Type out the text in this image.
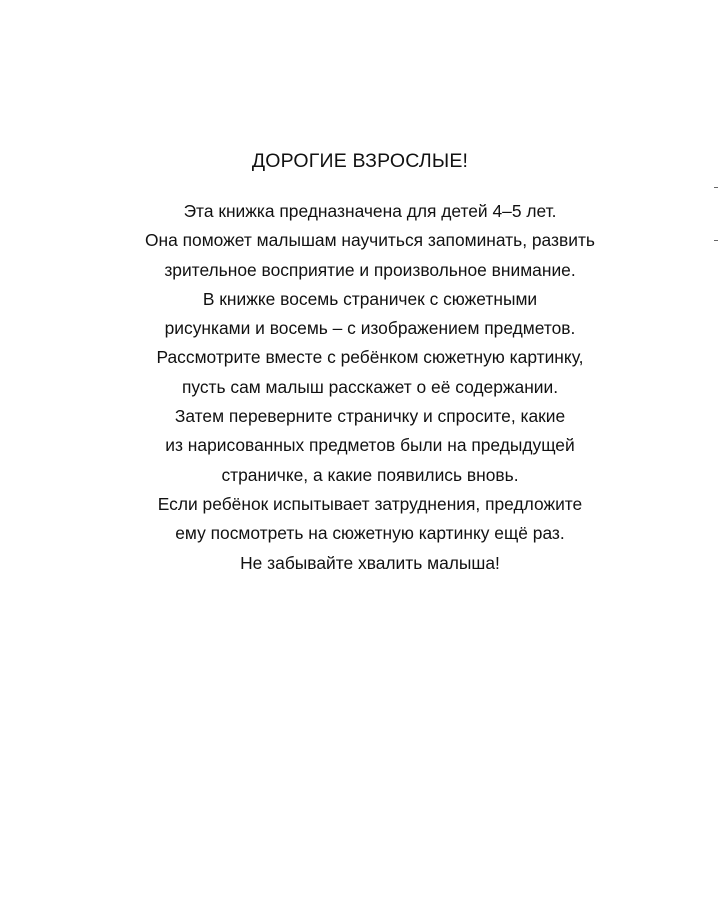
ДОРОГИЕ ВЗРОСЛЫЕ!
Эта книжка предназначена для детей 4–5 лет.
Она поможет малышам научиться запоминать, развить
зрительное восприятие и произвольное внимание.
В книжке восемь страничек с сюжетными
рисунками и восемь – с изображением предметов.
Рассмотрите вместе с ребёнком сюжетную картинку,
пусть сам малыш расскажет о её содержании.
Затем переверните страничку и спросите, какие
из нарисованных предметов были на предыдущей
страничке, а какие появились вновь.
Если ребёнок испытывает затруднения, предложите
ему посмотреть на сюжетную картинку ещё раз.
Не забывайте хвалить малыша!
